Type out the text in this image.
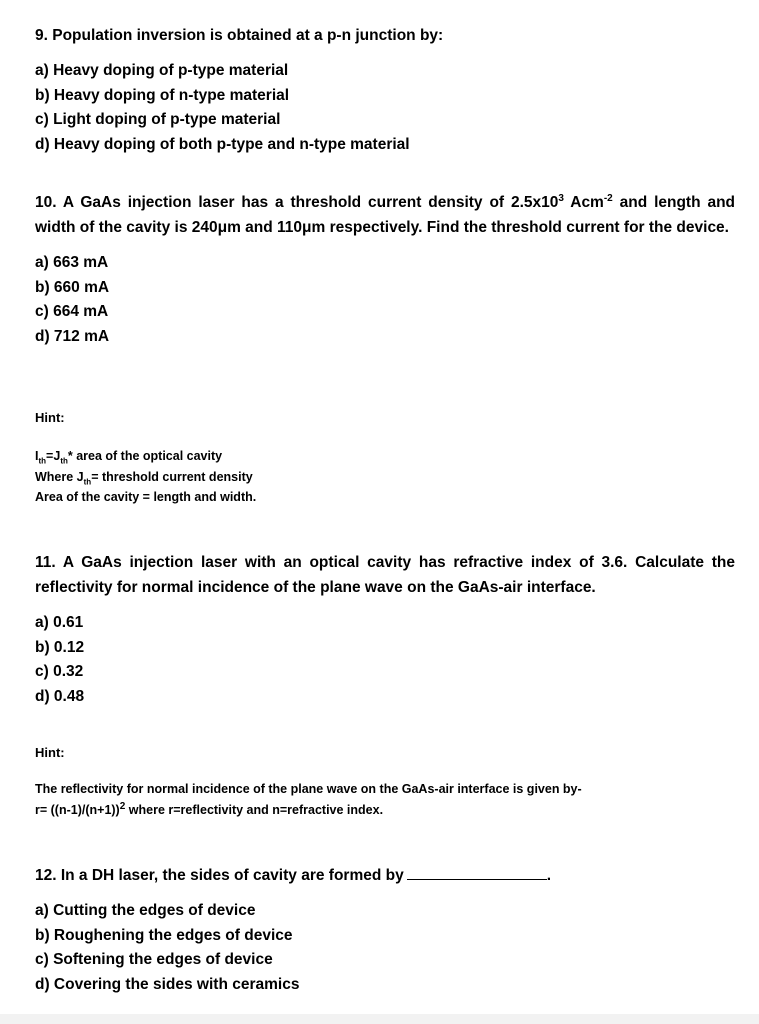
9. Population inversion is obtained at a p-n junction by:

a) Heavy doping of p-type material

b) Heavy doping of n-type material

c) Light doping of p-type material

d) Heavy doping of both p-type and n-type material

10. A GaAs injection laser has a threshold current density of $2.5x10^3$ Acm$^{-2}$ and length and width of the cavity is 240μm and 110μm respectively. Find the threshold current for the device.

a) 663 mA

b) 660 mA

c) 664 mA

d) 712 mA

Hint:

$I_{th}=J_{th}*$ area of the optical cavity

Where $J_{th}=$ threshold current density

Area of the cavity = length and width.

11. A GaAs injection laser with an optical cavity has refractive index of 3.6. Calculate the reflectivity for normal incidence of the plane wave on the GaAs-air interface.

a) 0.61

b) 0.12

c) 0.32

d) 0.48

Hint:

The reflectivity for normal incidence of the plane wave on the GaAs-air interface is given by-

$r= ((n-1)/(n+1))^2$ where r=reflectivity and n=refractive index.

12. In a DH laser, the sides of cavity are formed by	.

a) Cutting the edges of device

b) Roughening the edges of device

c) Softening the edges of device

d) Covering the sides with ceramics
